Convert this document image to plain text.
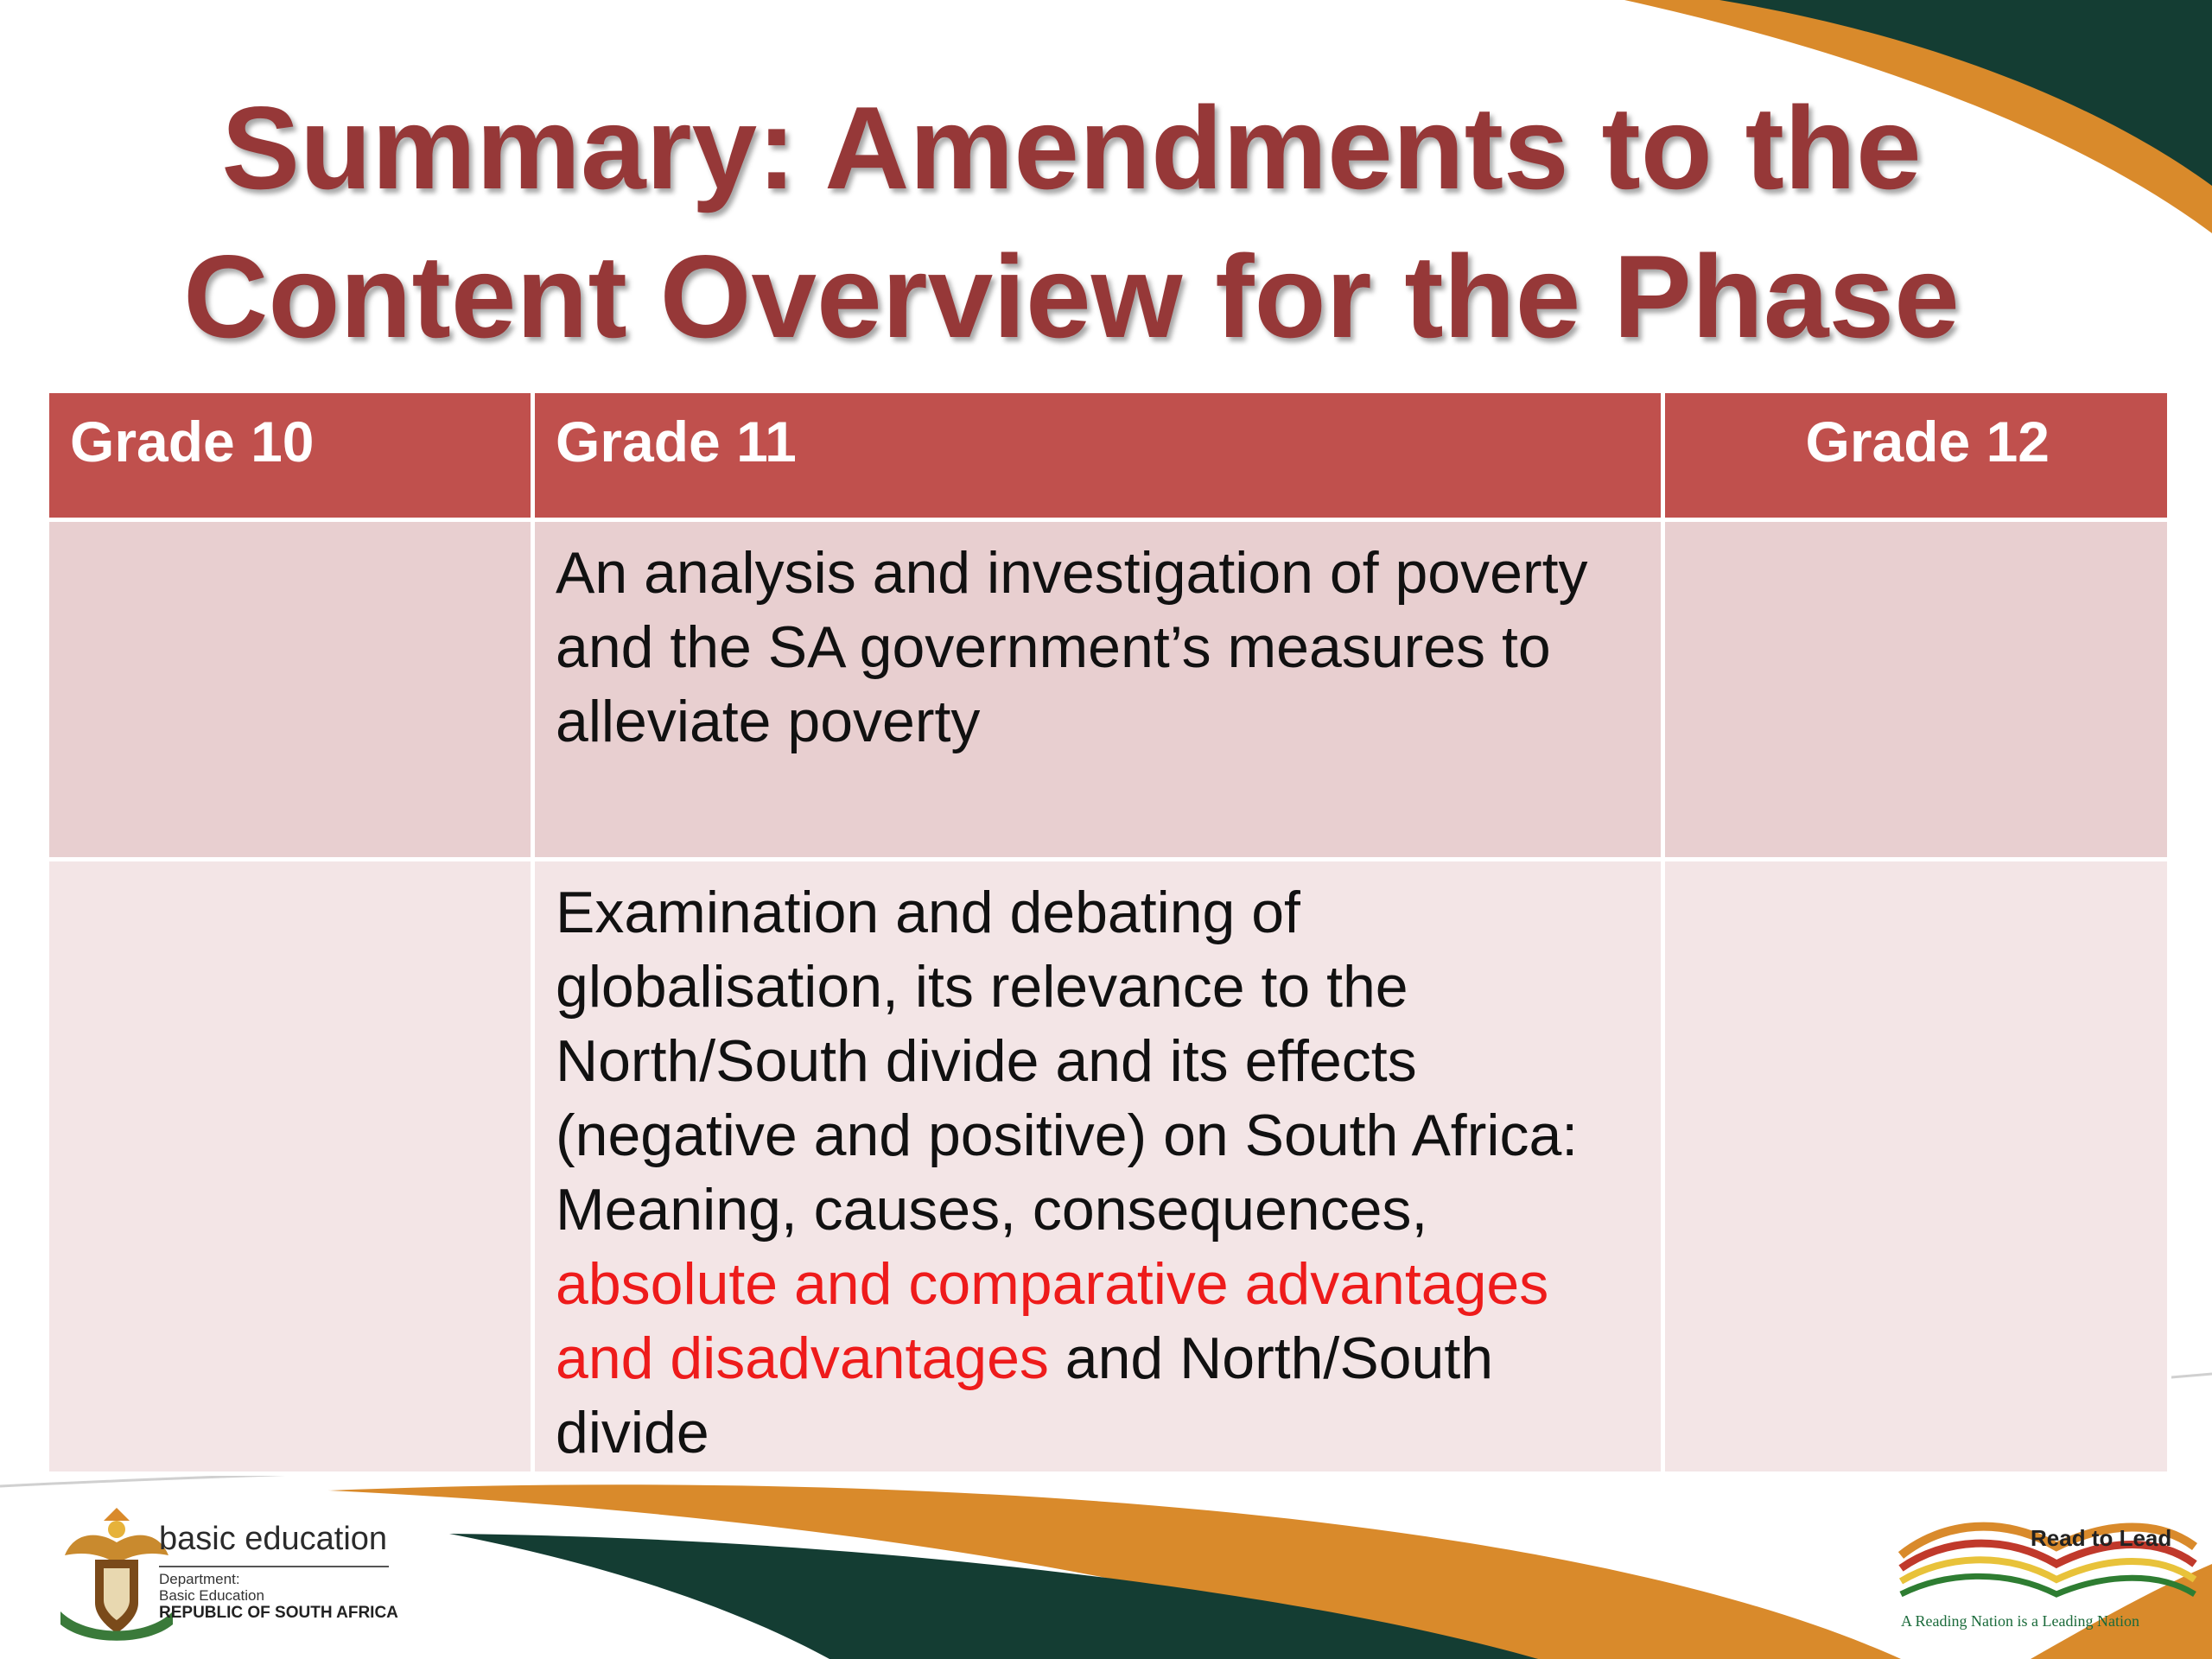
Summary: Amendments to the
Content Overview for the Phase
Grade 10	Grade 11	Grade 12
	An analysis and investigation of poverty and the SA government’s measures to alleviate poverty	
	Examination and debating of globalisation, its relevance to the North/South divide and its effects (negative and positive) on South Africa: Meaning, causes, consequences, absolute and comparative advantages and disadvantages and North/South divide	
basic education
Department:
Basic Education
REPUBLIC OF SOUTH AFRICA
Read to Lead
A Reading Nation is a Leading Nation
